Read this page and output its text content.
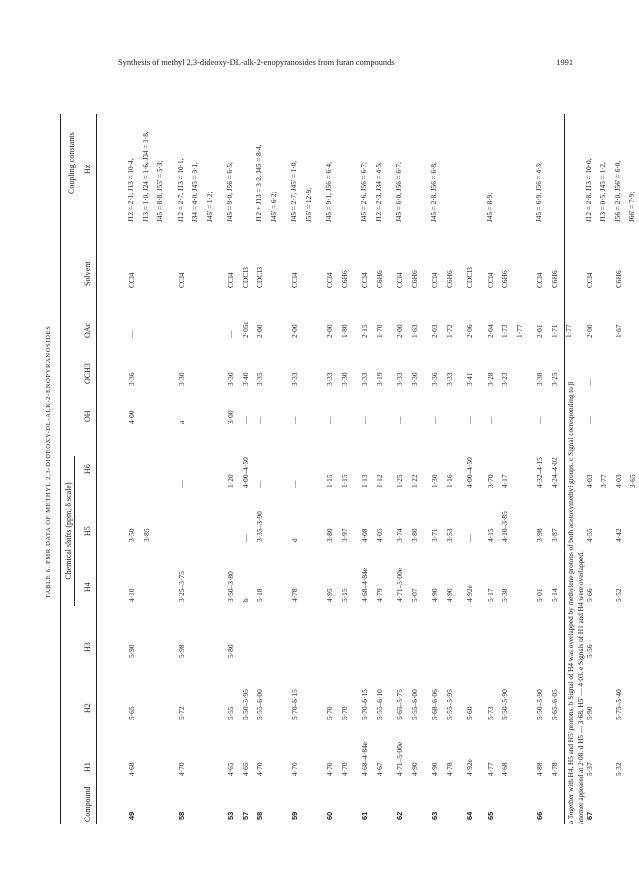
Synthesis of methyl 2,3-dideoxy-DL-alk-2-enopyranosides from furan compounds	1991
TABLE 6. PMR DATA OF METHYL 2,3-DIDEOXY-DL-ALK-2-ENOPYRANOSIDES Chemical shifts (ppm, δ scale)
Coupling constants
Compound
H1
H2
H3
H4
H5
H6
OH
OCH3
OAc
Solvent
Hz
49
4·68
5·65
5·90
4·10
3·50
4·00
3·36
—
CCl4
J12 = 2·1, J13 = 10·4,
3·85
J13 = 1·0, J24 = 1·6, J34 = 1·8, J45 = 8·8, J55' = 5·3;
58
4·70
5·72
5·98
3·25–3·75
—
a
3·30
CCl4
J12 = 2·7, J13 = 10·1, J34 = 4·0, J45 = 3·1, J45' = 1·2;
53
4·65
5·55
5·80
3·50–3·80
1·20
3·00
3·30
—
CCl4
J45 = 9·0, J56 = 6·5;
57
4·65
5·50–5·95
b
—
4·00–4·50
—
3·40
2·05c
CDCl3
58
4·70
5·55–6·00
5·18
3·35–3·90
—
—
3·35
2·00
CDCl3
J12 + J13 = 3·2, J45 = 8·4, J45' = 6·2;
59
4·70
5·70–6·15
4·78
d
—
—
3·33
2·00
CCl4
J45 = 2·7, J45' = 1·0, J55' = 12·9;
60
4·70
5·70
4·95
3·80
1·15
—
3·33
2·00
CCl4
J45 = 9·1, J56 = 6·4;
4·70
5·70
5·15
3·97
1·15
3·30
1·80
C6H6
61
4·68–4·84e
5·70–6·15
4·68–4·84e
4·08
1·13
—
3·33
2·15
CCl4
J45 = 2·6, J56 = 6·7;
4·67
5·55–6·10
4·79
4·05
1·12
3·19
1·70
C6H6
J12 = 2·3, J34 = 4·5;
62
4·71–5·00e
5·65–5·75
4·71–5·00e
3·74
1·25
—
3·33
2·00
CCl4
J45 = 6·0, J56 = 6·7;
4·90
5·55–6·00
5·07
3·80
1·22
3·30
1·63
C6H6
63
4·90
5·68–6·06
4·90
3·71
1·30
—
3·36
2·03
CCl4
J45 = 2·8, J56 = 6·8;
4·78
5·55–5·95
4·90
3·53
1·16
3·33
1·72
C6H6
64
4·92e
5·60
4·92e
—
4·00–4·50
—
3·41
2·06
CDCl3
65
4·77
5·73
5·17
4·15
3·70
—
3·28
2·04
CCl4
J45 = 8·9;
4·68
5·50–5·90
5·38
4·10–3·85
4·17
3·23
1·73
C6H6
1·77
66
4·88
5·50–5·90
5·01
3·98
4·32–4·15
—
3·38
2·01
CCl4
J45 = 6·9, J56 = 4·3;
4·78
5·65–6·05
5·14
3·87
4·24–4·02
3·25
1·71
C6H6
1·77
67
5·37
5·90
5·56
5·66
4·55
4·03
—
—
2·00
CCl4
J12 = 2·8, J13 = 10·0,
3·77
J13 = 0·5, J45 = 1·2,
5·32
5·75–5·40
5·52
4·42
4·03
1·67
C6H6
J56 = 2·0, J56' = 6·0,
3·65
J66' = 7·9;
a Together with H4, H5 and H5' protons. b Signal of H4 was overlapped by methylene protons of both acetoxymethyl groups. c Signal corresponding to β anomer appeared at 2·08. d H5 — 3·68, H5' — 4·03. e Signals of H1 and H4 were overlapped.
